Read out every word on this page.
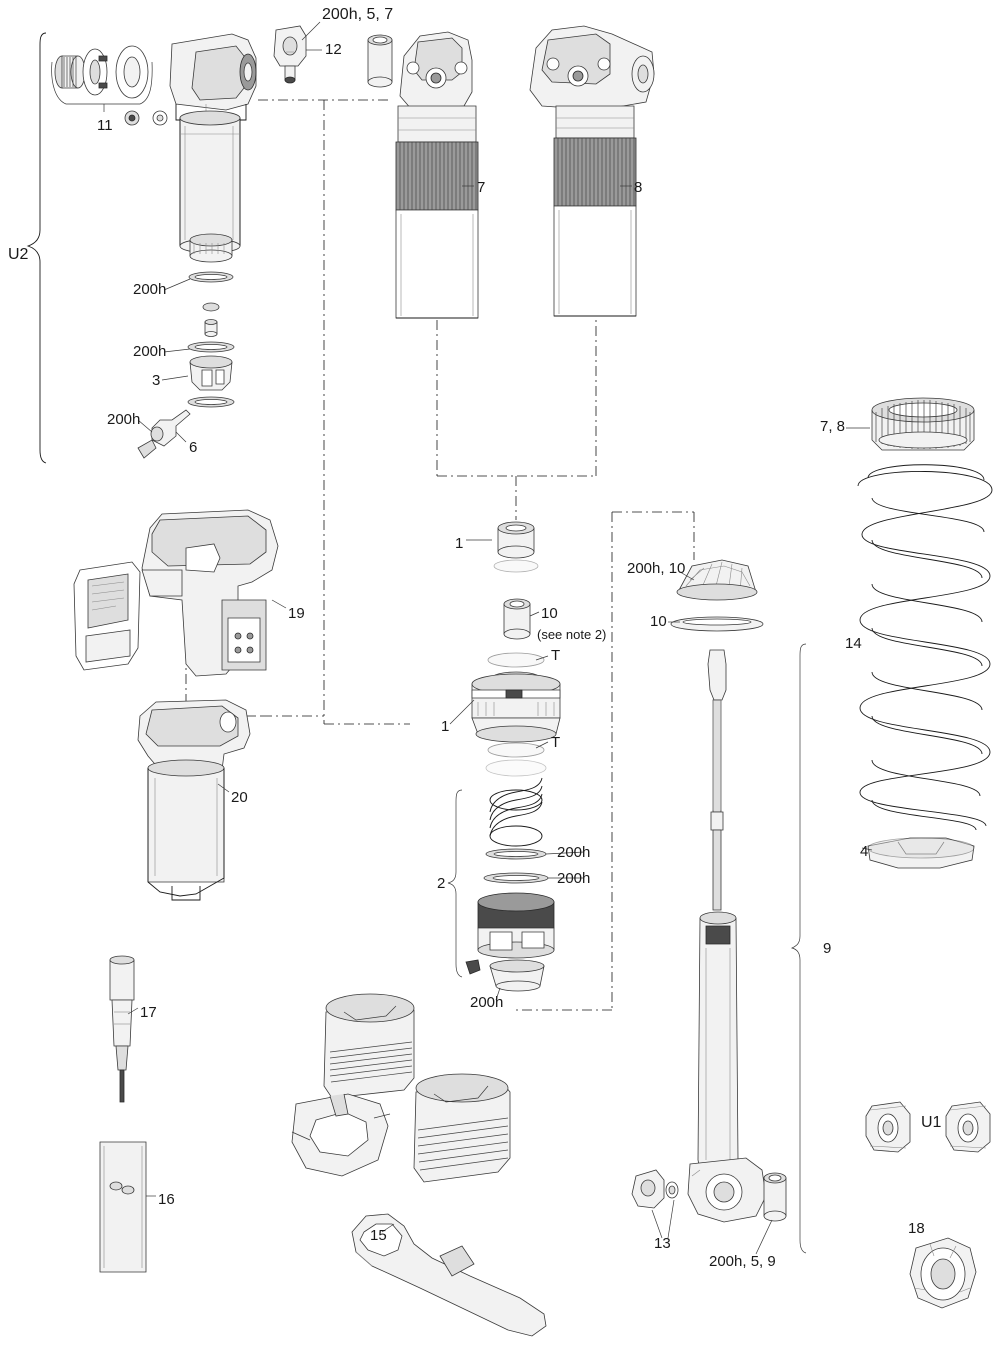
U2
11
200h, 5, 7
12
7	8
200h
200h
3
200h
6
19
20
17
16
15
1
10
(see note 2)
T
1
T
2
200h
200h
200h
200h, 10
10
9
13
200h, 5, 9
7, 8
14
4
U1
18
